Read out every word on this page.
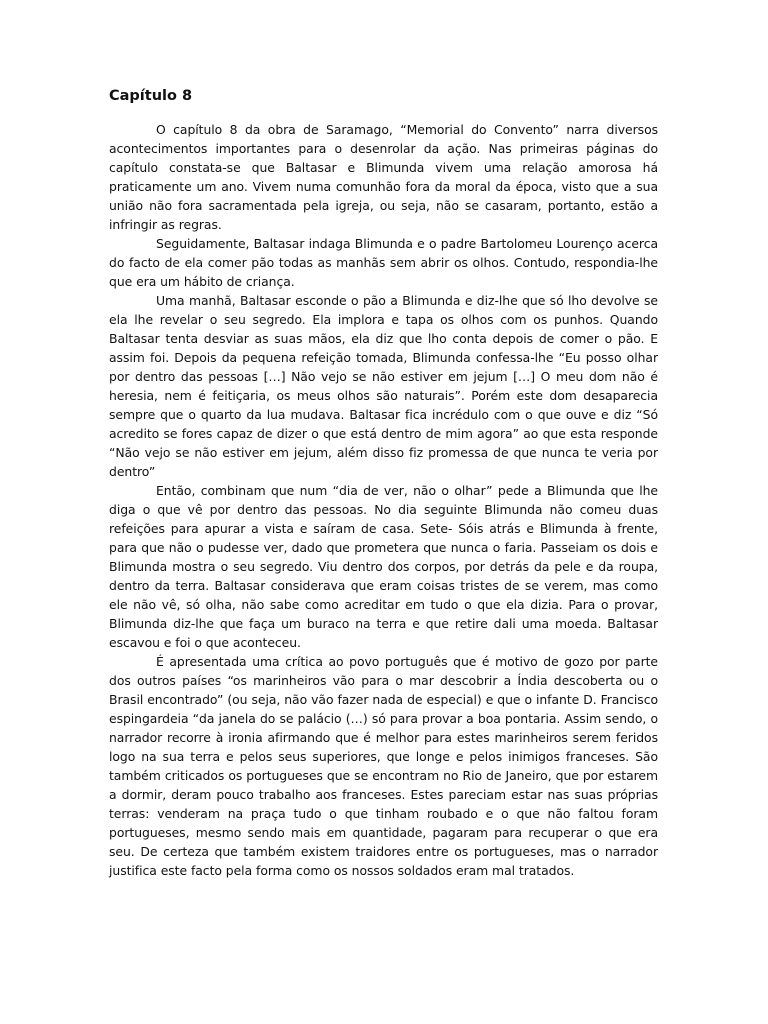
Capítulo 8

O capítulo 8 da obra de Saramago, “Memorial do Convento” narra diversos acontecimentos importantes para o desenrolar da ação. Nas primeiras páginas do capítulo constata-se que Baltasar e Blimunda vivem uma relação amorosa há praticamente um ano. Vivem numa comunhão fora da moral da época, visto que a sua união não fora sacramentada pela igreja, ou seja, não se casaram, portanto, estão a infringir as regras.

Seguidamente, Baltasar indaga Blimunda e o padre Bartolomeu Lourenço acerca do facto de ela comer pão todas as manhãs sem abrir os olhos. Contudo, respondia-lhe que era um hábito de criança.

Uma manhã, Baltasar esconde o pão a Blimunda e diz-lhe que só lho devolve se ela lhe revelar o seu segredo. Ela implora e tapa os olhos com os punhos. Quando Baltasar tenta desviar as suas mãos, ela diz que lho conta depois de comer o pão. E assim foi. Depois da pequena refeição tomada, Blimunda confessa-lhe “Eu posso olhar por dentro das pessoas […] Não vejo se não estiver em jejum […] O meu dom não é heresia, nem é feitiçaria, os meus olhos são naturais”. Porém este dom desaparecia sempre que o quarto da lua mudava. Baltasar fica incrédulo com o que ouve e diz “Só acredito se fores capaz de dizer o que está dentro de mim agora” ao que esta responde “Não vejo se não estiver em jejum, além disso fiz promessa de que nunca te veria por dentro”

Então, combinam que num “dia de ver, não o olhar” pede a Blimunda que lhe diga o que vê por dentro das pessoas. No dia seguinte Blimunda não comeu duas refeições para apurar a vista e saíram de casa. Sete- Sóis atrás e Blimunda à frente, para que não o pudesse ver, dado que prometera que nunca o faria. Passeiam os dois e Blimunda mostra o seu segredo. Viu dentro dos corpos, por detrás da pele e da roupa, dentro da terra. Baltasar considerava que eram coisas tristes de se verem, mas como ele não vê, só olha, não sabe como acreditar em tudo o que ela dizia. Para o provar, Blimunda diz-lhe que faça um buraco na terra e que retire dali uma moeda. Baltasar escavou e foi o que aconteceu.

É apresentada uma crítica ao povo português que é motivo de gozo por parte dos outros países “os marinheiros vão para o mar descobrir a Índia descoberta ou o Brasil encontrado” (ou seja, não vão fazer nada de especial) e que o infante D. Francisco espingardeia “da janela do se palácio (…) só para provar a boa pontaria. Assim sendo, o narrador recorre à ironia afirmando que é melhor para estes marinheiros serem feridos logo na sua terra e pelos seus superiores, que longe e pelos inimigos franceses. São também criticados os portugueses que se encontram no Rio de Janeiro, que por estarem a dormir, deram pouco trabalho aos franceses. Estes pareciam estar nas suas próprias terras: venderam na praça tudo o que tinham roubado e o que não faltou foram portugueses, mesmo sendo mais em quantidade, pagaram para recuperar o que era seu. De certeza que também existem traidores entre os portugueses, mas o narrador justifica este facto pela forma como os nossos soldados eram mal tratados.
